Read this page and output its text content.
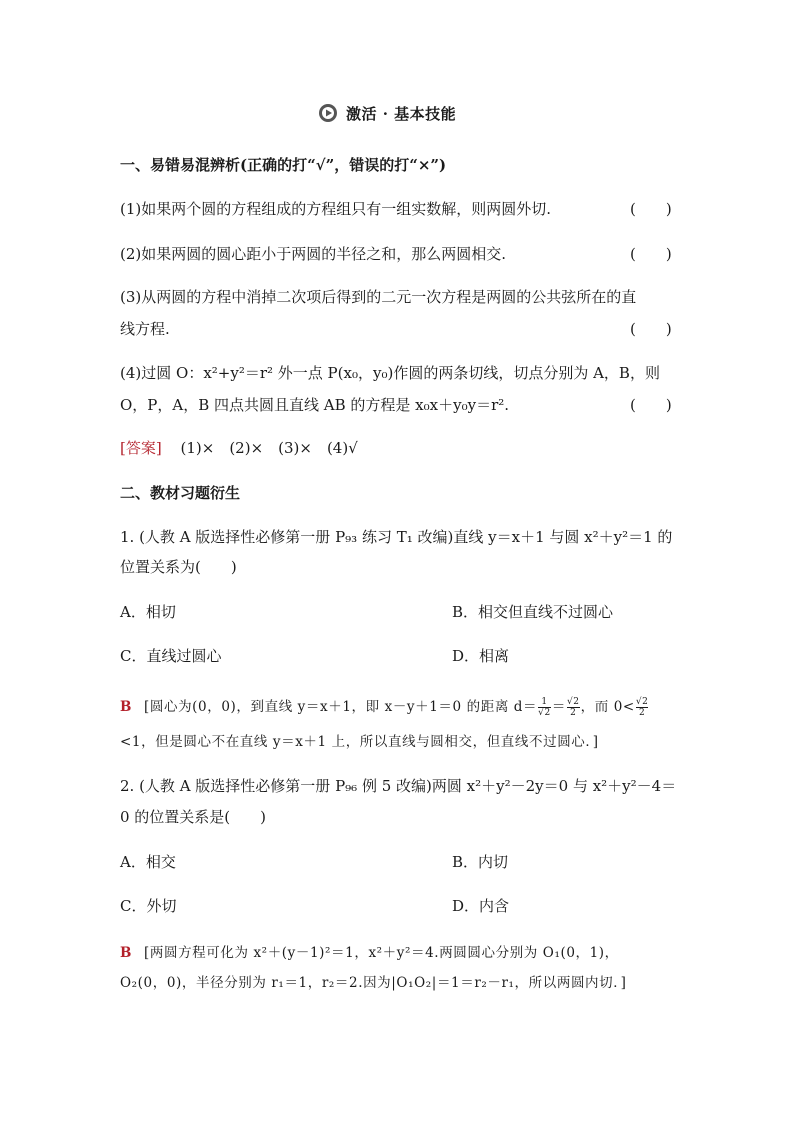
激活 · 基本技能
一、易错易混辨析(正确的打“√”，错误的打“×”)
(1)如果两个圆的方程组成的方程组只有一组实数解，则两圆外切.	(　　)
(2)如果两圆的圆心距小于两圆的半径之和，那么两圆相交.	(　　)
(3)从两圆的方程中消掉二次项后得到的二元一次方程是两圆的公共弦所在的直
线方程.	(　　)
(4)过圆 O：x²+y²＝r² 外一点 P(x₀，y₀)作圆的两条切线，切点分别为 A，B，则
O，P，A，B 四点共圆且直线 AB 的方程是 x₀x＋y₀y＝r².	(　　)
[答案] (1)×　(2)×　(3)×　(4)√
二、教材习题衍生
1. (人教 A 版选择性必修第一册 P₉₃ 练习 T₁ 改编)直线 y＝x＋1 与圆 x²＋y²＝1 的
位置关系为(　　)
A．相切	B．相交但直线不过圆心
C．直线过圆心	D．相离
B [圆心为(0，0)，到直线 y＝x＋1，即 x－y＋1＝0 的距离 $d= \frac{1}{√2} = \frac{√2}{2}$ ，而 $0< \frac{√2}{2}$
<1，但是圆心不在直线 y＝x＋1 上，所以直线与圆相交，但直线不过圆心．]
2. (人教 A 版选择性必修第一册 P₉₆ 例 5 改编)两圆 x²＋y²－2y＝0 与 x²＋y²－4＝
0 的位置关系是(　　)
A．相交	B．内切
C．外切	D．内含
B [两圆方程可化为 x²＋(y－1)²＝1，x²＋y²＝4.两圆圆心分别为 O₁(0，1)，
O₂(0，0)，半径分别为 r₁＝1，r₂＝2.因为|O₁O₂|＝1＝r₂－r₁，所以两圆内切．]
